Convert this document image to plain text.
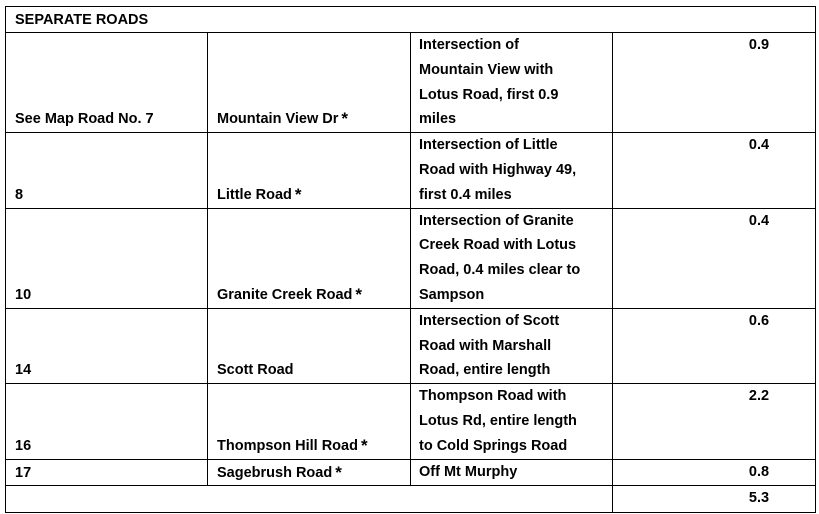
SEPARATE ROADS			
See Map Road No. 7	Mountain View Dr *	Intersection of
Mountain View with
Lotus Road, first 0.9
miles	0.9
8	Little Road *	Intersection of Little
Road with Highway 49,
first 0.4 miles	0.4
10	Granite Creek Road *	Intersection of Granite
Creek Road with Lotus
Road, 0.4 miles clear to
Sampson	0.4
14	Scott Road	Intersection of Scott
Road with Marshall
Road, entire length	0.6
16	Thompson Hill Road *	Thompson Road with
Lotus Rd, entire length
to Cold Springs Road	2.2
17	Sagebrush Road *	Off Mt Murphy	0.8
			5.3
